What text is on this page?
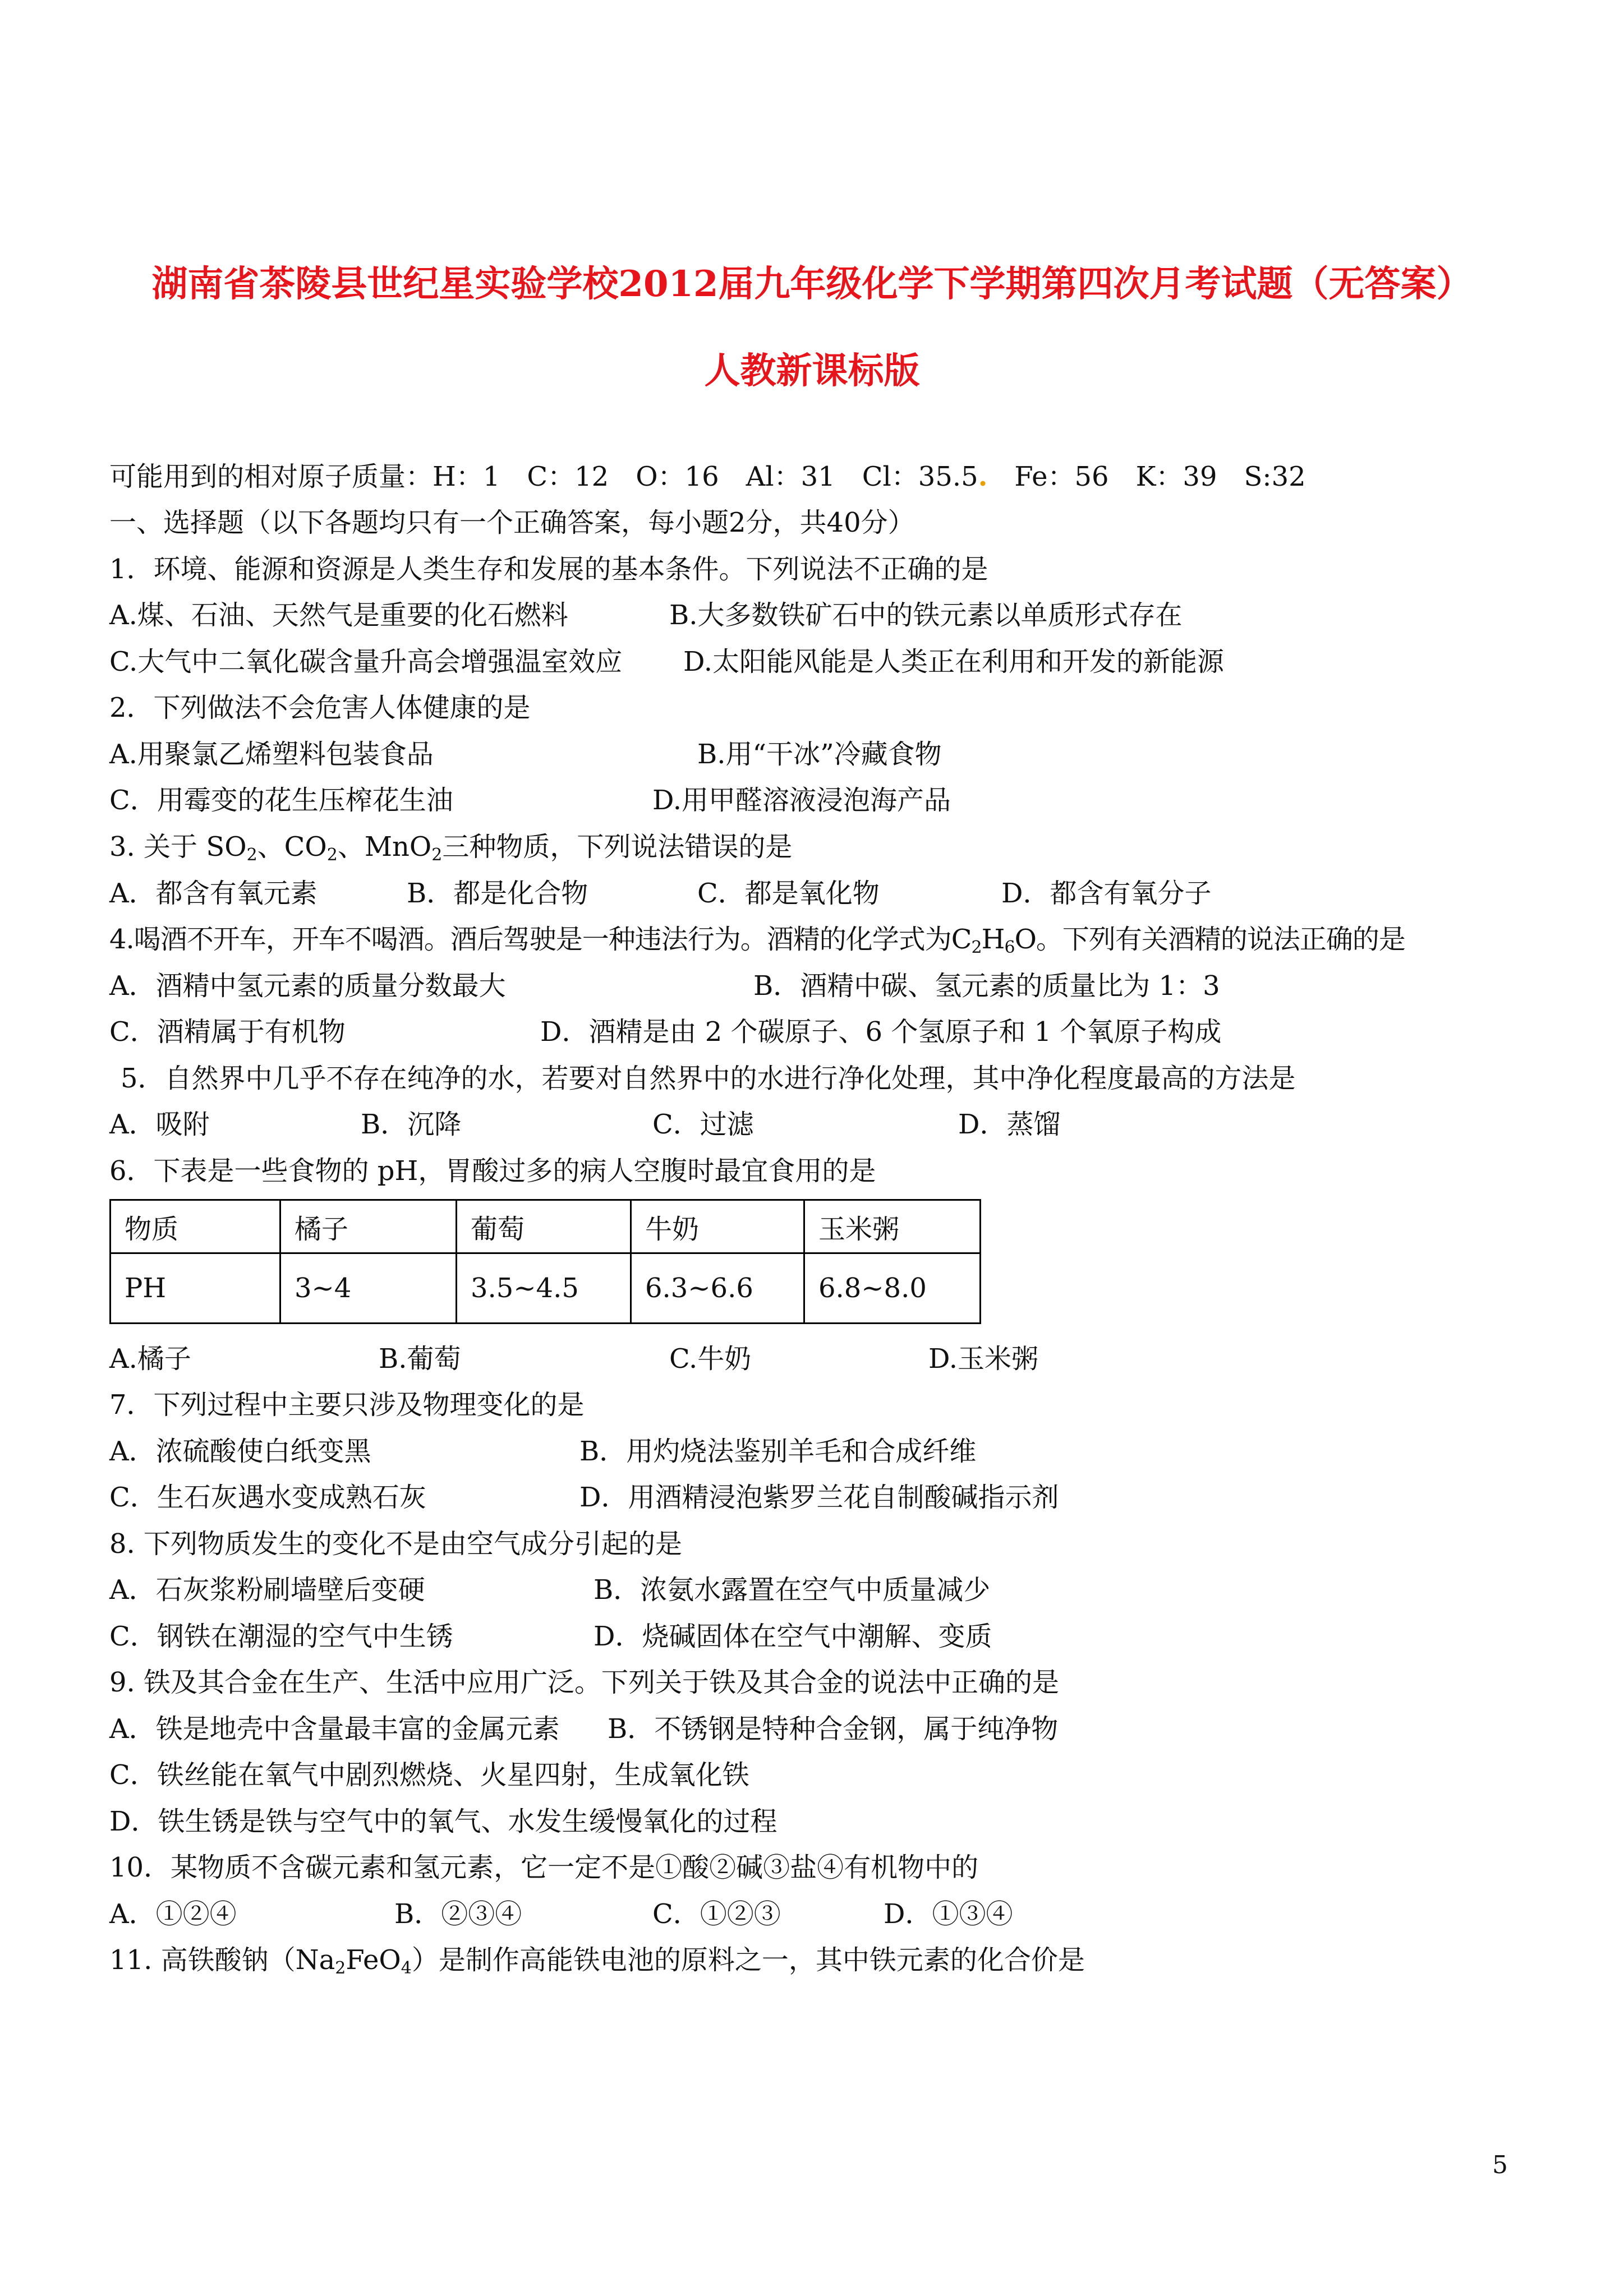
湖南省茶陵县世纪星实验学校2012届九年级化学下学期第四次月考试题（无答案）
人教新课标版
可能用到的相对原子质量：H：1　C：12　O：16　Al：31　Cl：35.5.　Fe：56　K：39　S:32
一、选择题（以下各题均只有一个正确答案，每小题2分，共40分）
1．环境、能源和资源是人类生存和发展的基本条件。下列说法不正确的是
A.煤、石油、天然气是重要的化石燃料	B.大多数铁矿石中的铁元素以单质形式存在
C.大气中二氧化碳含量升高会增强温室效应 D.太阳能风能是人类正在利用和开发的新能源
2．下列做法不会危害人体健康的是
A.用聚氯乙烯塑料包装食品	B.用“干冰”冷藏食物
C．用霉变的花生压榨花生油	D.用甲醛溶液浸泡海产品
3. 关于 $SO_2$、$CO_2$、MnO$_2$三种物质，下列说法错误的是
A．都含有氧元素	B．都是化合物	C．都是氧化物	D．都含有氧分子
4.喝酒不开车，开车不喝酒。酒后驾驶是一种违法行为。酒精的化学式为$C_2H_6O$。下列有关酒精的说法正确的是
A．酒精中氢元素的质量分数最大	B．酒精中碳、氢元素的质量比为 1：3
C．酒精属于有机物	D．酒精是由 2 个碳原子、6 个氢原子和 1 个氧原子构成
5．自然界中几乎不存在纯净的水，若要对自然界中的水进行净化处理，其中净化程度最高的方法是
A．吸附	B．沉降	C．过滤	D．蒸馏
6．下表是一些食物的 pH，胃酸过多的病人空腹时最宜食用的是
物质	橘子	葡萄	牛奶	玉米粥
PH	3~4	3.5~4.5	6.3~6.6	6.8~8.0
A.橘子	B.葡萄	C.牛奶	D.玉米粥
7．下列过程中主要只涉及物理变化的是
A．浓硫酸使白纸变黑	B．用灼烧法鉴别羊毛和合成纤维
C．生石灰遇水变成熟石灰	D．用酒精浸泡紫罗兰花自制酸碱指示剂
8. 下列物质发生的变化不是由空气成分引起的是
A．石灰浆粉刷墙壁后变硬	B．浓氨水露置在空气中质量减少
C．钢铁在潮湿的空气中生锈	D．烧碱固体在空气中潮解、变质
9. 铁及其合金在生产、生活中应用广泛。下列关于铁及其合金的说法中正确的是
A．铁是地壳中含量最丰富的金属元素 B．不锈钢是特种合金钢，属于纯净物
C．铁丝能在氧气中剧烈燃烧、火星四射，生成氧化铁
D．铁生锈是铁与空气中的氧气、水发生缓慢氧化的过程
10．某物质不含碳元素和氢元素，它一定不是①酸②碱③盐④有机物中的
A．①②④	B．②③④	C．①②③	D．①③④
11. 高铁酸钠$(Na_2FeO_4)$是制作高能铁电池的原料之一，其中铁元素的化合价是
5
